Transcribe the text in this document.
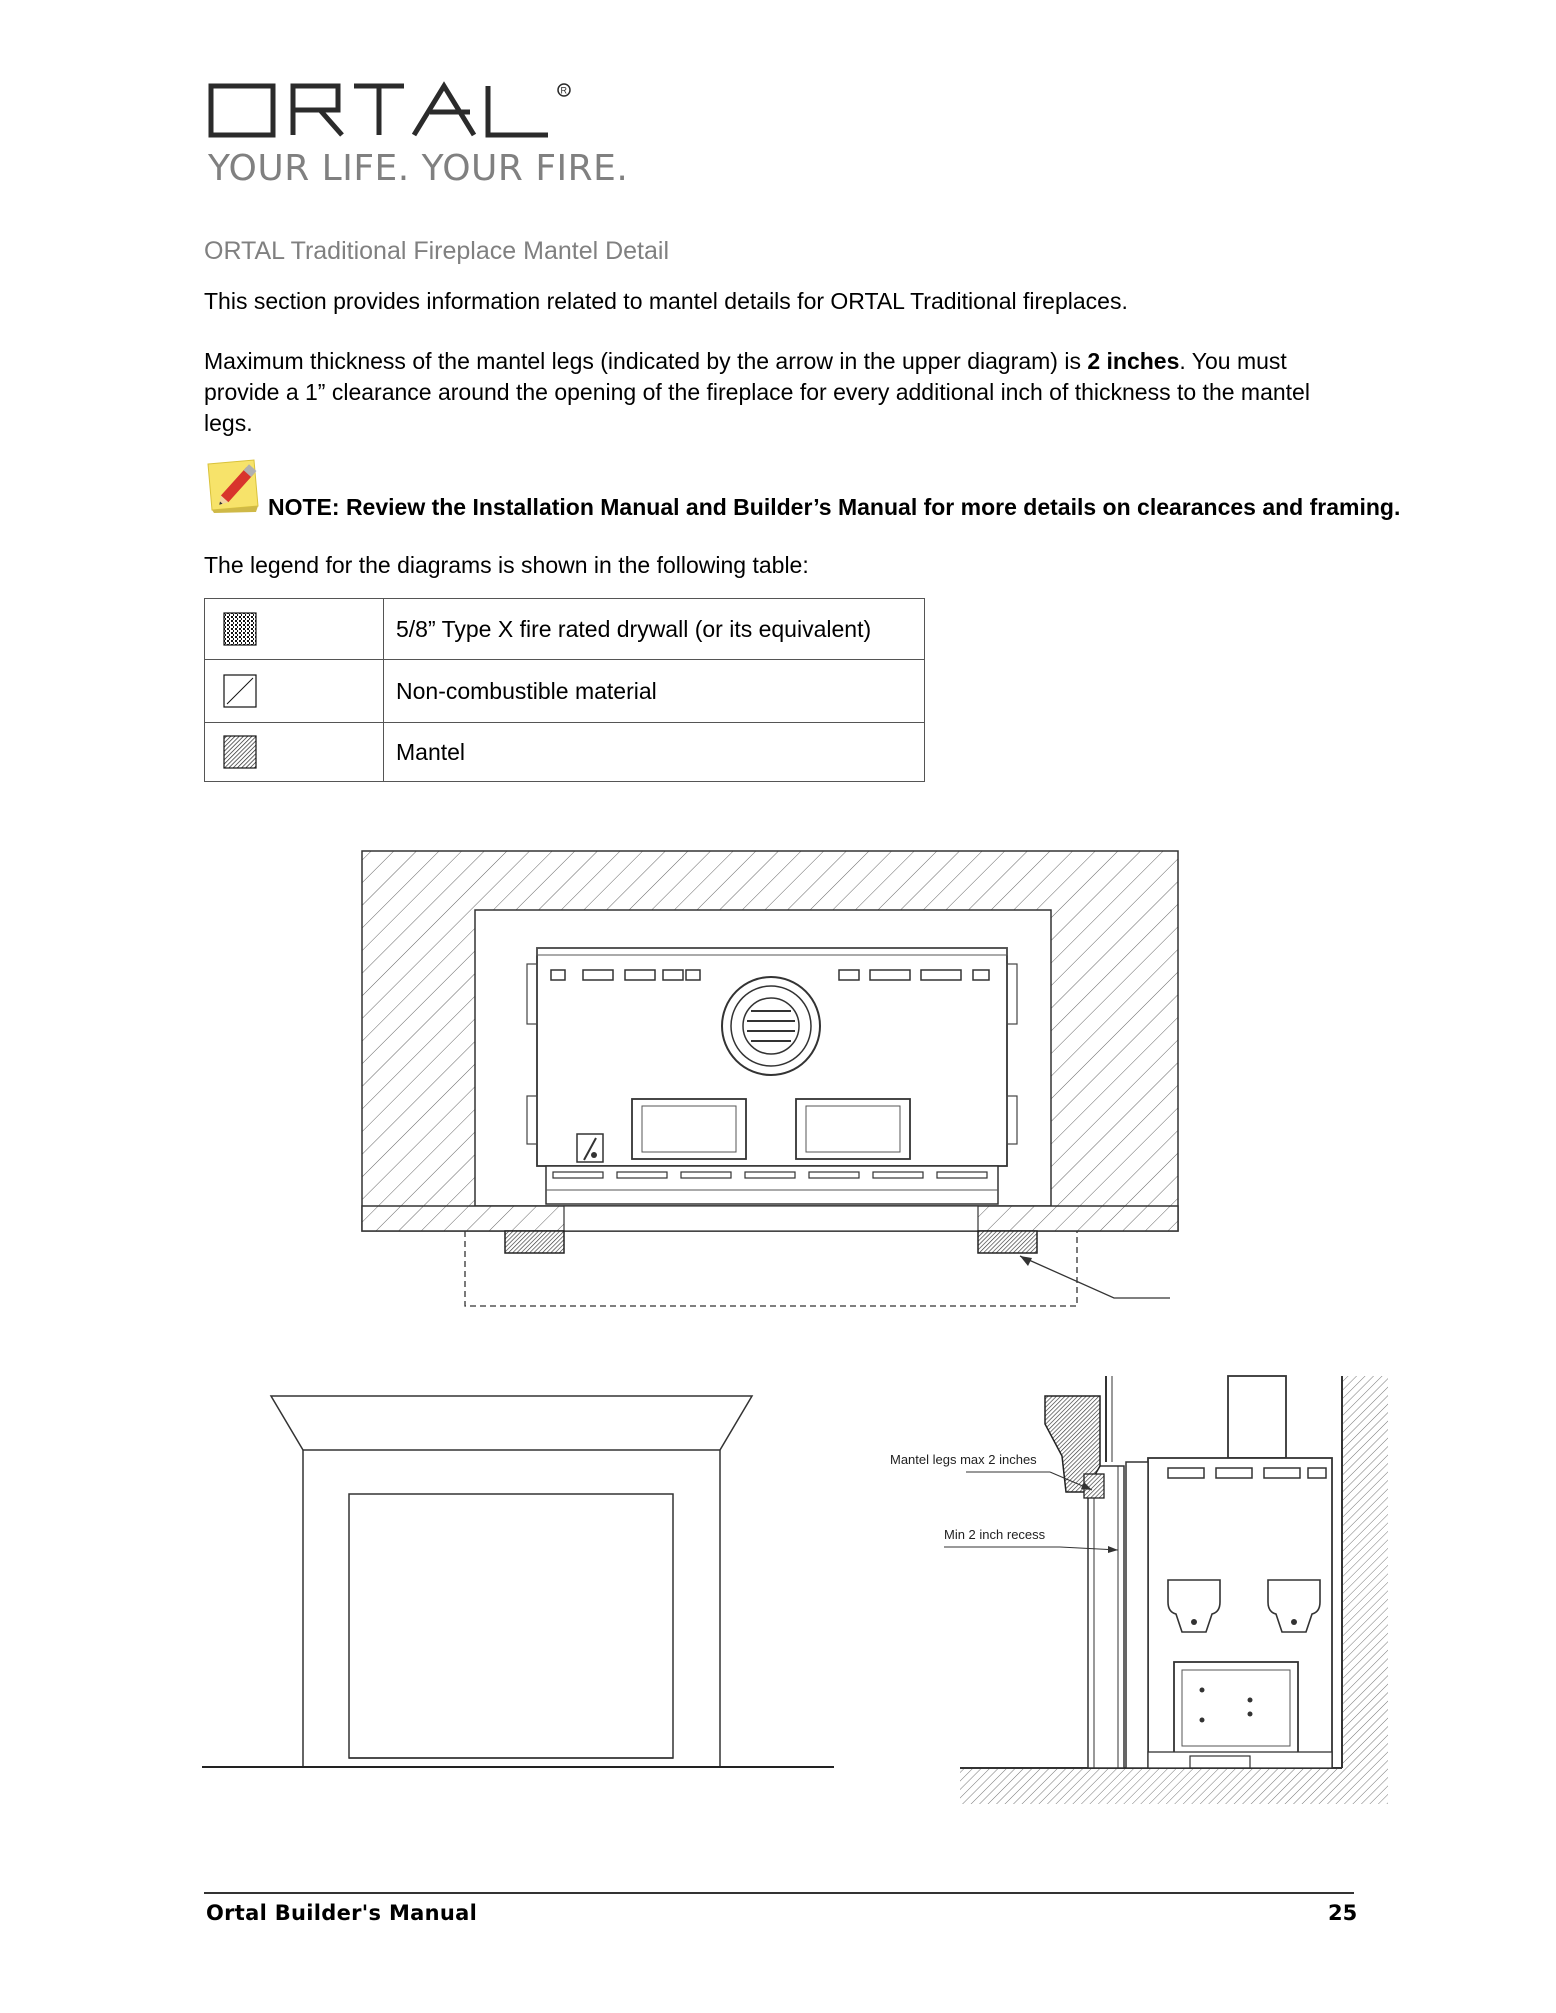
R
YOUR LIFE. YOUR FIRE.
ORTAL Traditional Fireplace Mantel Detail
This section provides information related to mantel details for ORTAL Traditional fireplaces.
Maximum thickness of the mantel legs (indicated by the arrow in the upper diagram) is 2 inches. You must provide a 1” clearance around the opening of the fireplace for every additional inch of thickness to the mantel legs.
NOTE: Review the Installation Manual and Builder’s Manual for more details on clearances and framing.
The legend for the diagrams is shown in the following table:
	5/8” Type X fire rated drywall (or its equivalent)

	Non-combustible material

	Mantel
Mantel legs max 2 inches
Min 2 inch recess
Ortal Builder's Manual	25
